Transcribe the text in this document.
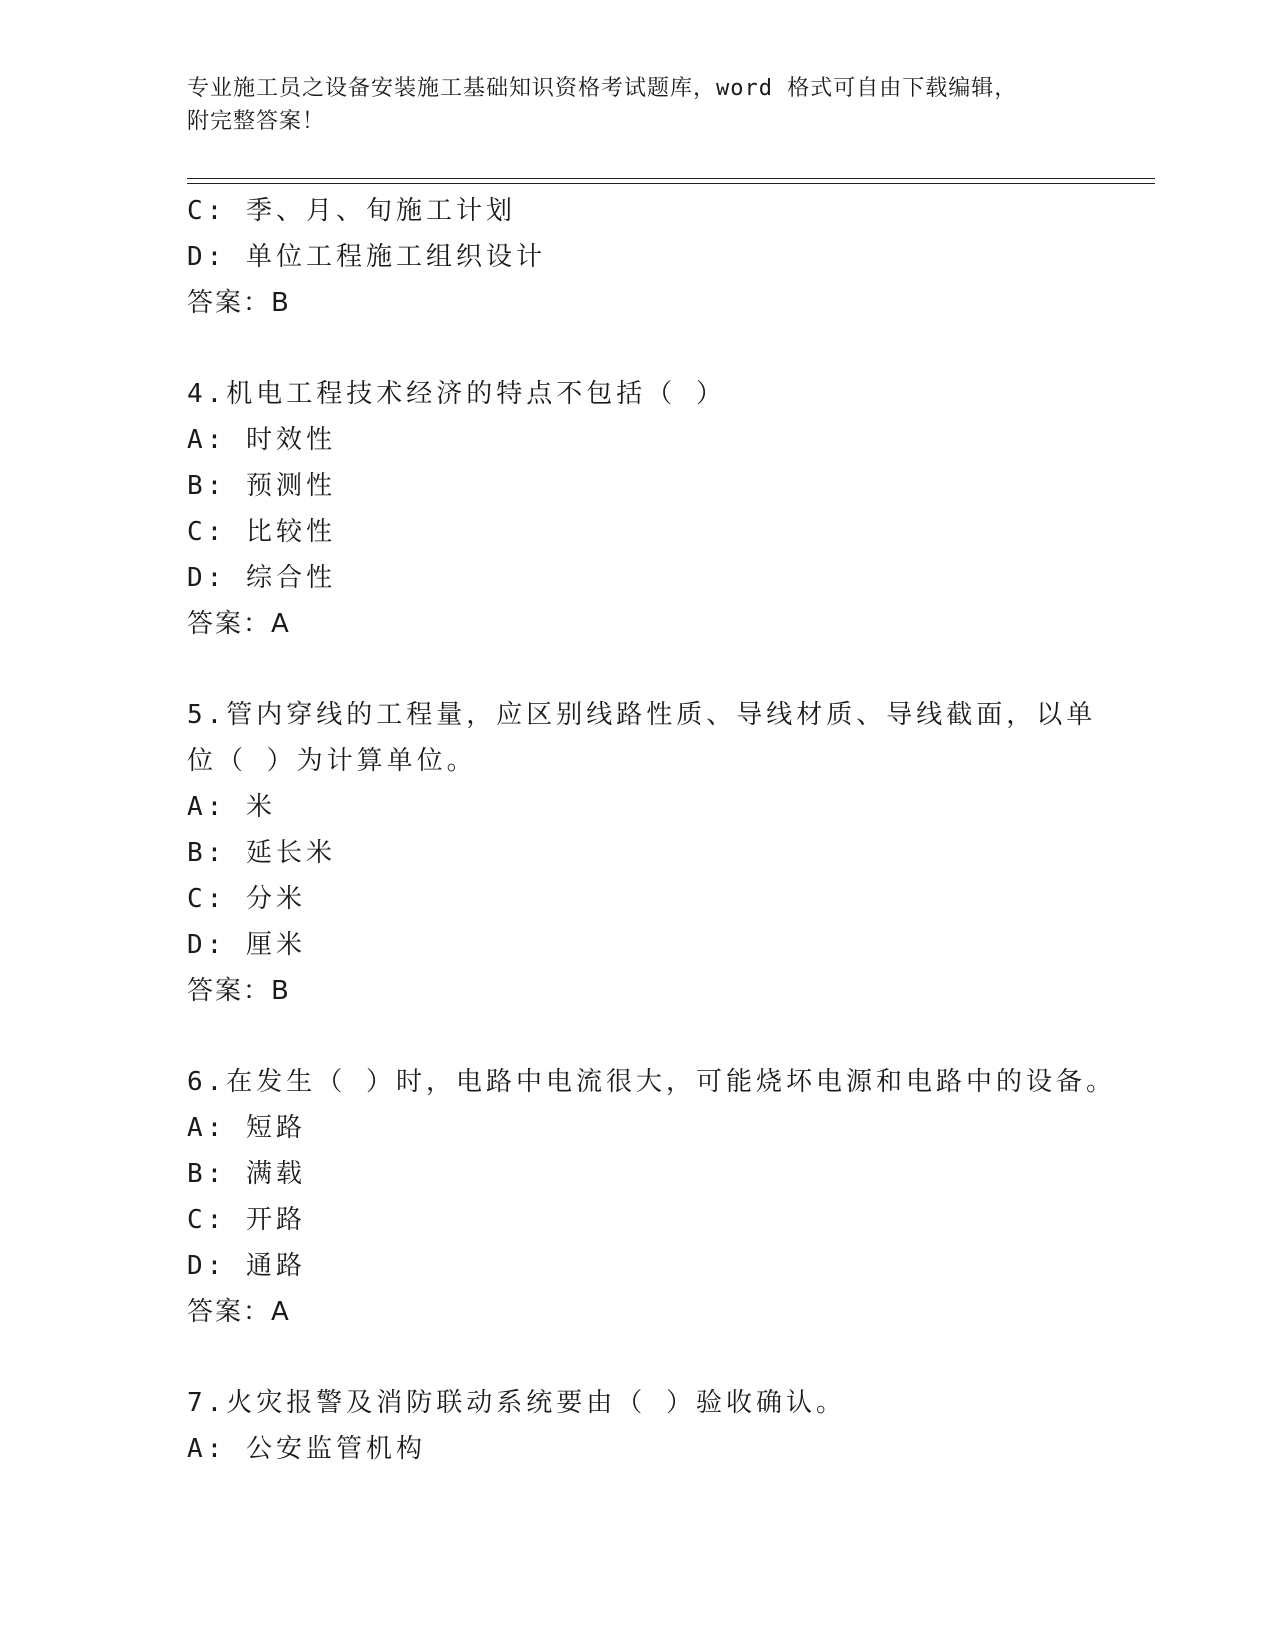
专业施工员之设备安装施工基础知识资格考试题库，word 格式可自由下载编辑，
附完整答案！
C: 季、月、旬施工计划
D: 单位工程施工组织设计
答案：B
4.机电工程技术经济的特点不包括（ ）
A: 时效性
B: 预测性
C: 比较性
D: 综合性
答案：A
5.管内穿线的工程量，应区别线路性质、导线材质、导线截面，以单
位（ ）为计算单位。
A: 米
B: 延长米
C: 分米
D: 厘米
答案：B
6.在发生（ ）时，电路中电流很大，可能烧坏电源和电路中的设备。
A: 短路
B: 满载
C: 开路
D: 通路
答案：A
7.火灾报警及消防联动系统要由（ ）验收确认。
A: 公安监管机构
